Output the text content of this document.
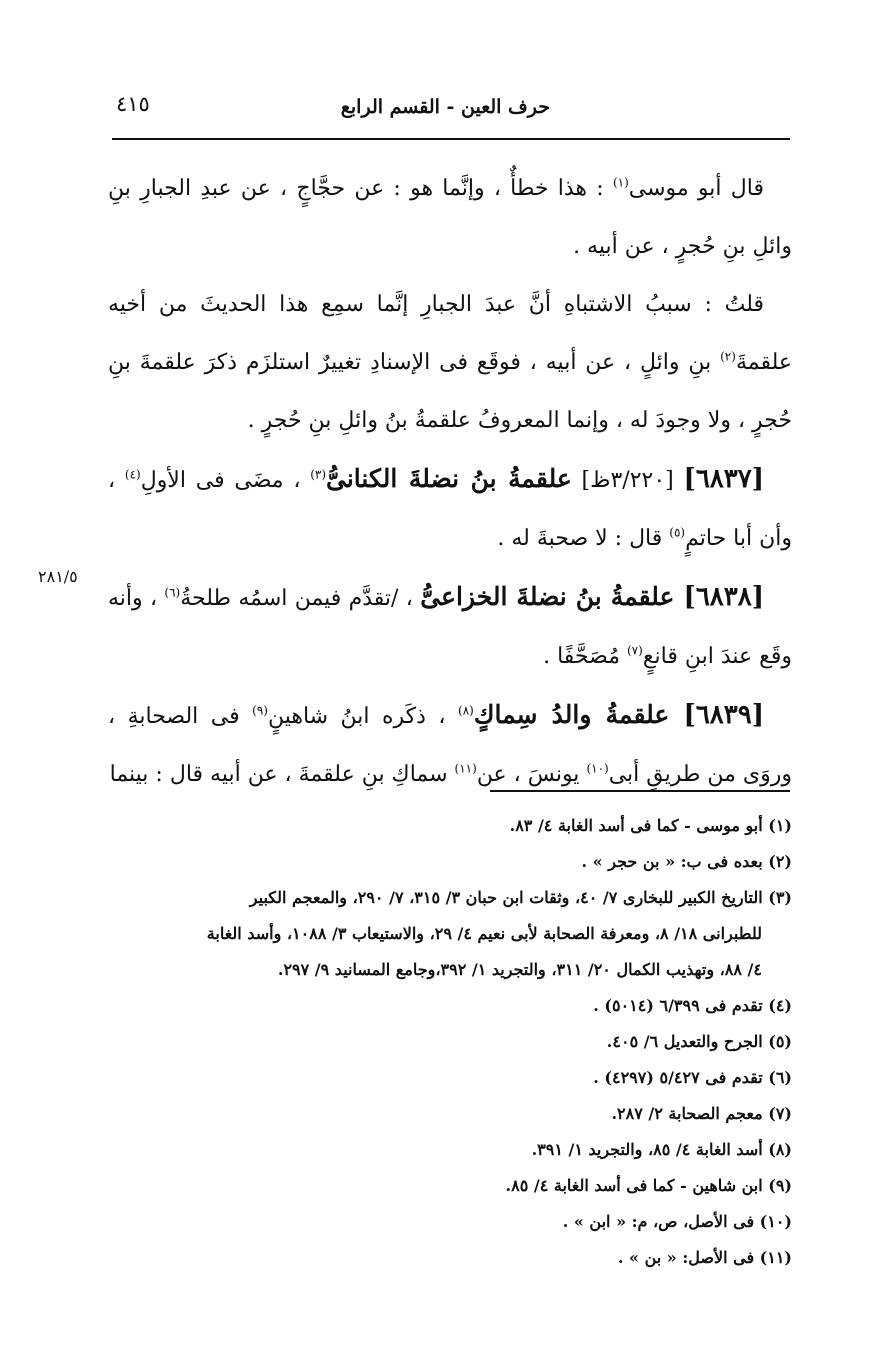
حرف العين - القسم الرابع
٤١٥
٢٨١/٥

قال أبو موسى$^{(١)}$ : هذا خطأٌ ، وإنَّما هو : عن حجَّاجٍ ، عن عبدِ الجبارِ بنِ وائلِ بنِ حُجرٍ ، عن أبيه .

قلتُ : سببُ الاشتباهِ أنَّ عبدَ الجبارِ إنَّما سمِع هذا الحديثَ من أخيه علقمةَ$^{(٢)}$ بنِ وائلٍ ، عن أبيه ، فوقَع فى الإسنادِ تغييرٌ استلزَم ذكرَ علقمةَ بنِ حُجرٍ ، ولا وجودَ له ، وإنما المعروفُ علقمةُ بنُ وائلِ بنِ حُجرٍ .

[٦٨٣٧] [٣/٢٢٠ظ] علقمةُ بنُ نضلةَ الكنانىُّ$^{(٣)}$ ، مضَى فى الأولِ$^{(٤)}$ ، وأن أبا حاتمٍ$^{(٥)}$ قال : لا صحبةَ له .

[٦٨٣٨] علقمةُ بنُ نضلةَ الخزاعىُّ ، /تقدَّم فيمن اسمُه طلحةُ$^{(٦)}$ ، وأنه وقَع عندَ ابنِ قانعٍ$^{(٧)}$ مُصَحَّفًا .

[٦٨٣٩] علقمةُ والدُ سِماكٍ$^{(٨)}$ ، ذكَره ابنُ شاهينٍ$^{(٩)}$ فى الصحابةِ ، وروَى من طريقِ أبى$^{(١٠)}$ يونسَ ، عن$^{(١١)}$ سماكِ بنِ علقمةَ ، عن أبيه قال : بينما

(١) أبو موسى - كما فى أسد الغابة ٤/ ٨٣.

(٢) بعده فى ب: « بن حجر » .

(٣) التاريخ الكبير للبخارى ٧/ ٤٠، وثقات ابن حبان ٣/ ٣١٥، ٧/ ٢٩٠، والمعجم الكبير

للطبرانى ١٨/ ٨، ومعرفة الصحابة لأبى نعيم ٤/ ٢٩، والاستيعاب ٣/ ١٠٨٨، وأسد الغابة

٤/ ٨٨، وتهذيب الكمال ٢٠/ ٣١١، والتجريد ١/ ٣٩٢،وجامع المسانيد ٩/ ٢٩٧.

(٤) تقدم فى ٦/٣٩٩ (٥٠١٤) .

(٥) الجرح والتعديل ٦/ ٤٠٥.

(٦) تقدم فى ٥/٤٢٧ (٤٢٩٧) .

(٧) معجم الصحابة ٢/ ٢٨٧.

(٨) أسد الغابة ٤/ ٨٥، والتجريد ١/ ٣٩١.

(٩) ابن شاهين - كما فى أسد الغابة ٤/ ٨٥.

(١٠) فى الأصل، ص، م: « ابن » .

(١١) فى الأصل: « بن » .
